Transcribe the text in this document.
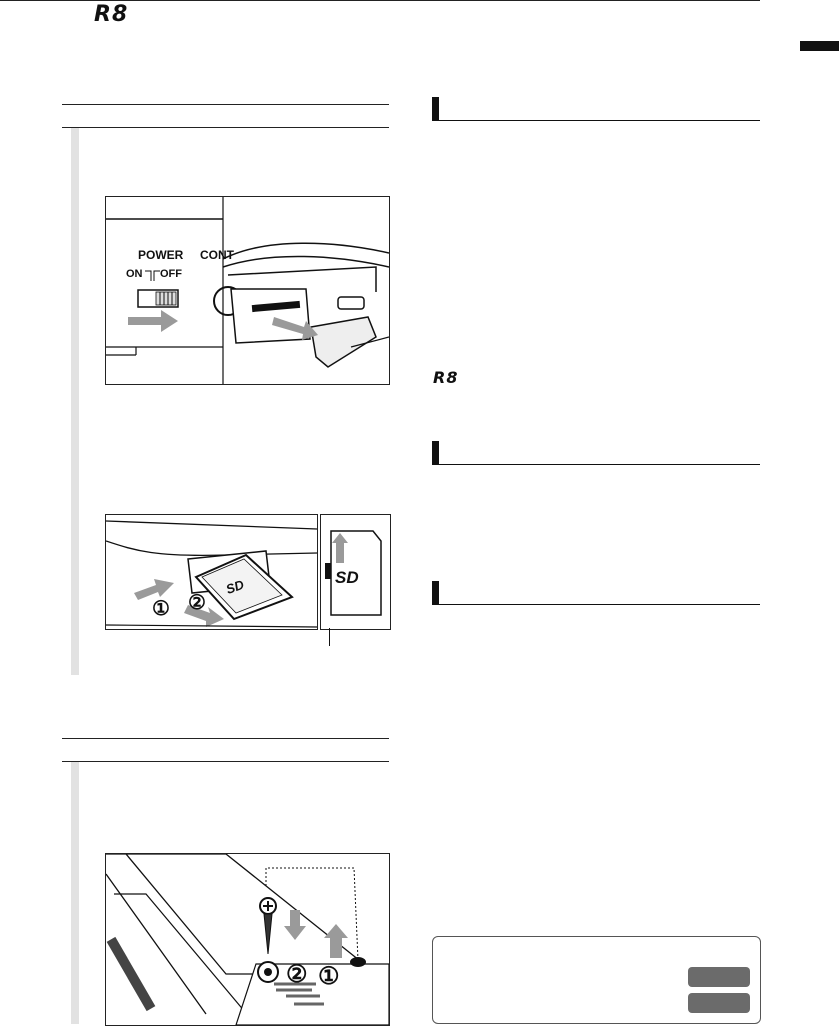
R8
POWER CONT
ON OFF
SD
① ②
SD
② ①
R8
